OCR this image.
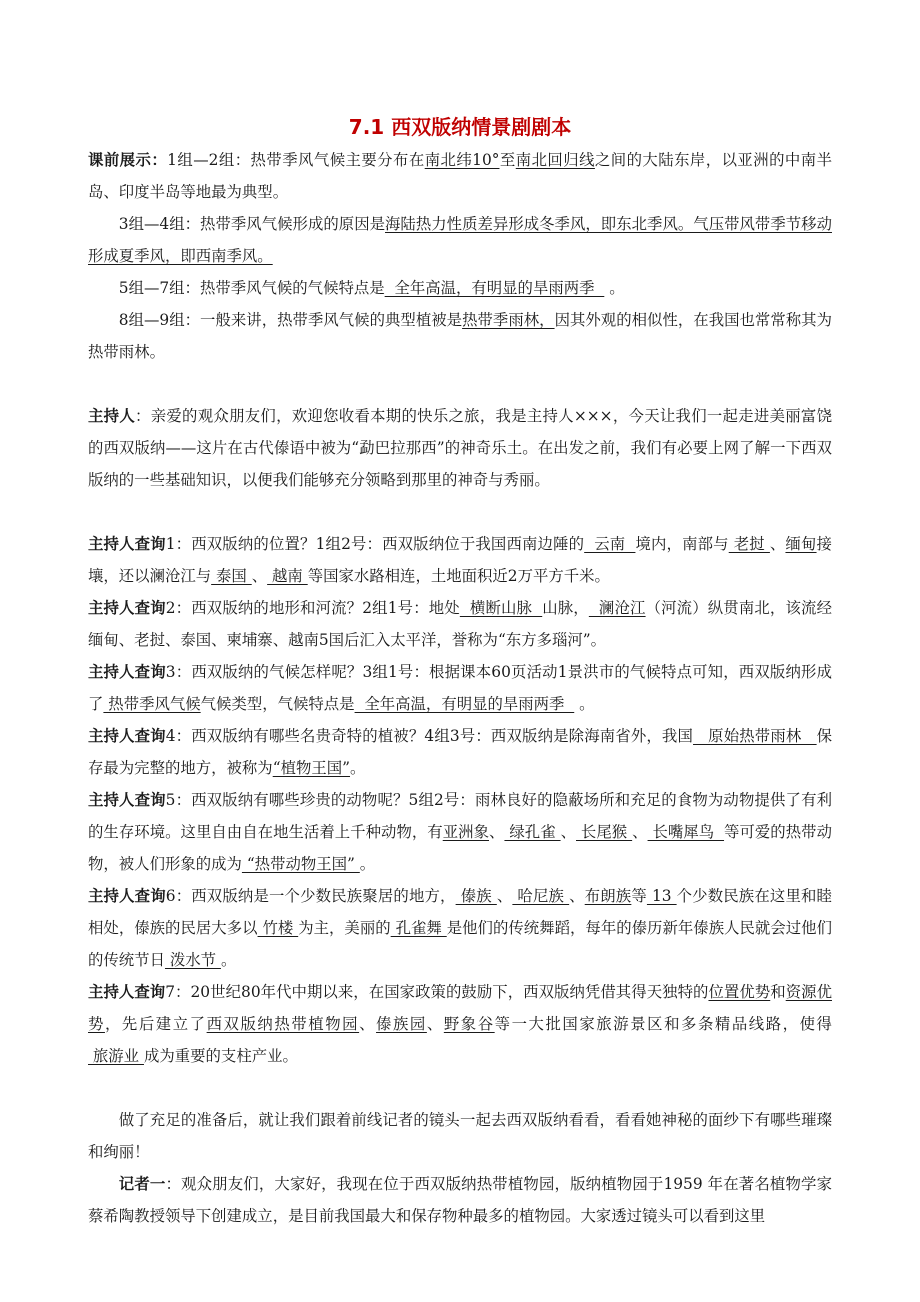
7.1 西双版纳情景剧剧本

课前展示：1组—2组：热带季风气候主要分布在南北纬10°至南北回归线之间的大陆东岸，以亚洲的中南半岛、印度半岛等地最为典型。

3组—4组：热带季风气候形成的原因是海陆热力性质差异形成冬季风，即东北季风。气压带风带季节移动形成夏季风，即西南季风。

5组—7组：热带季风气候的气候特点是  全年高温，有明显的旱雨两季   。

8组—9组：一般来讲，热带季风气候的典型植被是热带季雨林，因其外观的相似性，在我国也常常称其为热带雨林。

主持人：亲爱的观众朋友们，欢迎您收看本期的快乐之旅，我是主持人×××，今天让我们一起走进美丽富饶的西双版纳——这片在古代傣语中被为“勐巴拉那西”的神奇乐土。在出发之前，我们有必要上网了解一下西双版纳的一些基础知识，以便我们能够充分领略到那里的神奇与秀丽。

主持人查询1：西双版纳的位置？1组2号：西双版纳位于我国西南边陲的  云南  境内，南部与 老挝 、缅甸接壤，还以澜沧江与 泰国 、 越南 等国家水路相连，土地面积近2万平方千米。

主持人查询2：西双版纳的地形和河流？2组1号：地处  横断山脉  山脉，  澜沧江（河流）纵贯南北，该流经缅甸、老挝、泰国、柬埔寨、越南5国后汇入太平洋，誉称为“东方多瑙河”。

主持人查询3：西双版纳的气候怎样呢？3组1号：根据课本60页活动1景洪市的气候特点可知，西双版纳形成了 热带季风气候气候类型，气候特点是  全年高温，有明显的旱雨两季   。

主持人查询4：西双版纳有哪些名贵奇特的植被？4组3号：西双版纳是除海南省外，我国   原始热带雨林   保存最为完整的地方，被称为“植物王国”。

主持人查询5：西双版纳有哪些珍贵的动物呢？5组2号：雨林良好的隐蔽场所和充足的食物为动物提供了有利的生存环境。这里自由自在地生活着上千种动物，有亚洲象、 绿孔雀 、 长尾猴 、 长嘴犀鸟  等可爱的热带动物，被人们形象的成为 “热带动物王国” 。

主持人查询6：西双版纳是一个少数民族聚居的地方， 傣族 、 哈尼族 、布朗族等 13 个少数民族在这里和睦相处，傣族的民居大多以 竹楼 为主，美丽的 孔雀舞 是他们的传统舞蹈，每年的傣历新年傣族人民就会过他们的传统节日 泼水节 。

主持人查询7：20世纪80年代中期以来，在国家政策的鼓励下，西双版纳凭借其得天独特的位置优势和资源优势，先后建立了西双版纳热带植物园、傣族园、野象谷等一大批国家旅游景区和多条精品线路，使得 旅游业 成为重要的支柱产业。

做了充足的准备后，就让我们跟着前线记者的镜头一起去西双版纳看看，看看她神秘的面纱下有哪些璀璨和绚丽！

记者一：观众朋友们，大家好，我现在位于西双版纳热带植物园，版纳植物园于1959 年在著名植物学家蔡希陶教授领导下创建成立，是目前我国最大和保存物种最多的植物园。大家透过镜头可以看到这里
